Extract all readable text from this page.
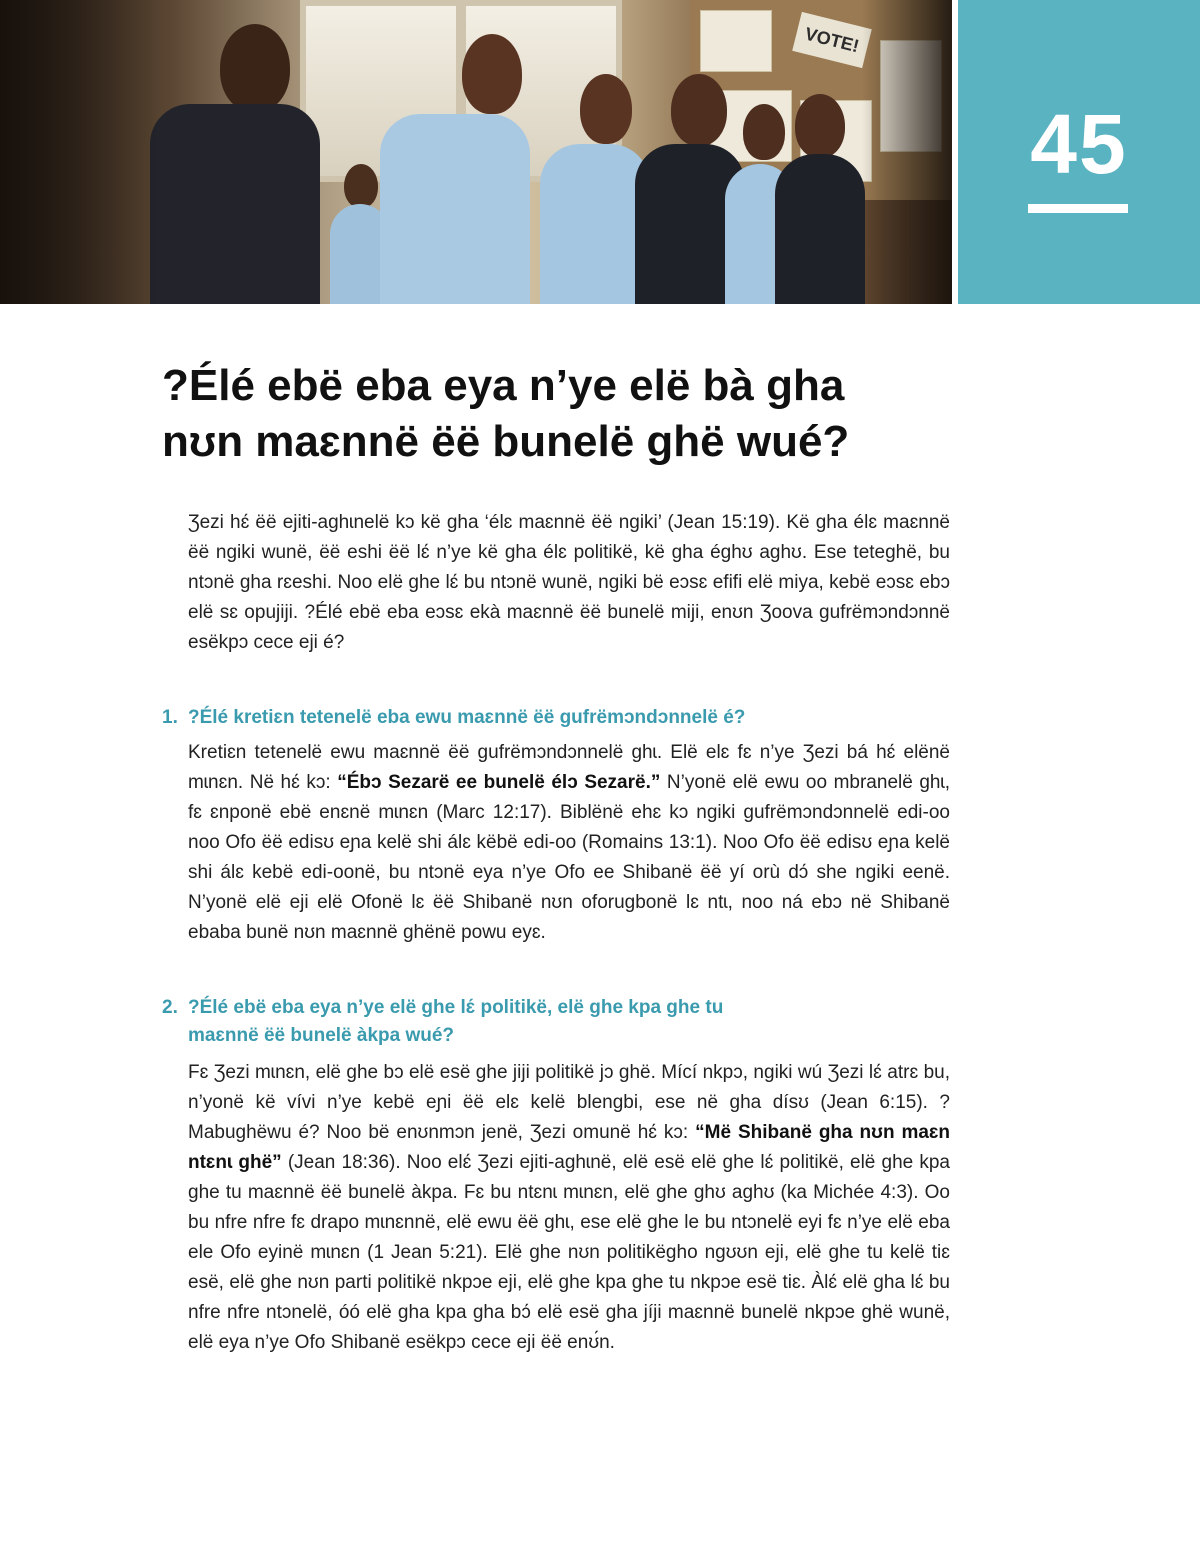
VOTE!
45
?Élé ebë eba eya n’ye elë bà gha
nʊn maɛnnë ëë bunelë ghë wué?
Ʒezi hɛ́ ëë ejiti-aghɩnelë kɔ kë gha ‘élɛ maɛnnë ëë ngiki’ (Jean 15:19). Kë gha élɛ maɛnnë ëë ngiki wunë, ëë eshi ëë lɛ́ n’ye kë gha élɛ politikë, kë gha éghʊ aghʊ. Ese teteghë, bu ntɔnë gha rɛeshi. Noo elë ghe lɛ́ bu ntɔnë wunë, ngiki bë eɔsɛ efifi elë miya, kebë eɔsɛ ebɔ elë sɛ opujiji. ?Élé ebë eba eɔsɛ ekà maɛnnë ëë bunelë miji, enʊn Ʒoova gufrëmɔndɔnnë esëkpɔ cece eji é?
1. ?Élé kretiɛn tetenelë eba ewu maɛnnë ëë gufrëmɔndɔnnelë é?
Kretiɛn tetenelë ewu maɛnnë ëë gufrëmɔndɔnnelë ghɩ. Elë elɛ fɛ n’ye Ʒezi bá hɛ́ elënë mɩnɛn. Në hɛ́ kɔ: “Ébɔ Sezarë ee bunelë élɔ Sezarë.” N’yonë elë ewu oo mbranelë ghɩ, fɛ ɛnponë ebë enɛnë mɩnɛn (Marc 12:17). Biblënë ehɛ kɔ ngiki gufrëmɔndɔnnelë edi-oo noo Ofo ëë edisʊ eɲa kelë shi álɛ këbë edi-oo (Romains 13:1). Noo Ofo ëë edisʊ eɲa kelë shi álɛ kebë edi-oonë, bu ntɔnë eya n’ye Ofo ee Shibanë ëë yí orù dɔ́ she ngiki eenë. N’yonë elë eji elë Ofonë lɛ ëë Shibanë nʊn oforugbonë lɛ ntɩ, noo ná ebɔ në Shibanë ebaba bunë nʊn maɛnnë ghënë powu eyɛ.
2. ?Élé ebë eba eya n’ye elë ghe lɛ́ politikë, elë ghe kpa ghe tu
maɛnnë ëë bunelë àkpa wué?
Fɛ Ʒezi mɩnɛn, elë ghe bɔ elë esë ghe jiji politikë jɔ ghë. Mící nkpɔ, ngiki wú Ʒezi lɛ́ atrɛ bu, n’yonë kë vívi n’ye kebë eɲi ëë elɛ kelë blengbi, ese në gha dísʊ (Jean 6:15). ?Mabughëwu é? Noo bë enʊnmɔn jenë, Ʒezi omunë hɛ́ kɔ: “Më Shibanë gha nʊn maɛn ntɛnɩ ghë” (Jean 18:36). Noo elɛ́ Ʒezi ejiti-aghɩnë, elë esë elë ghe lɛ́ politikë, elë ghe kpa ghe tu maɛnnë ëë bunelë àkpa. Fɛ bu ntɛnɩ mɩnɛn, elë ghe ghʊ aghʊ (ka Michée 4:3). Oo bu nfre nfre fɛ drapo mɩnɛnnë, elë ewu ëë ghɩ, ese elë ghe le bu ntɔnelë eyi fɛ n’ye elë eba ele Ofo eyinë mɩnɛn (1 Jean 5:21). Elë ghe nʊn politikëgho ngʊʊn eji, elë ghe tu kelë tiɛ esë, elë ghe nʊn parti politikë nkpɔe eji, elë ghe kpa ghe tu nkpɔe esë tiɛ. Àlɛ́ elë gha lɛ́ bu nfre nfre ntɔnelë, óó elë gha kpa gha bɔ́ elë esë gha jíji maɛnnë bunelë nkpɔe ghë wunë, elë eya n’ye Ofo Shibanë esëkpɔ cece eji ëë enʊ́n.
